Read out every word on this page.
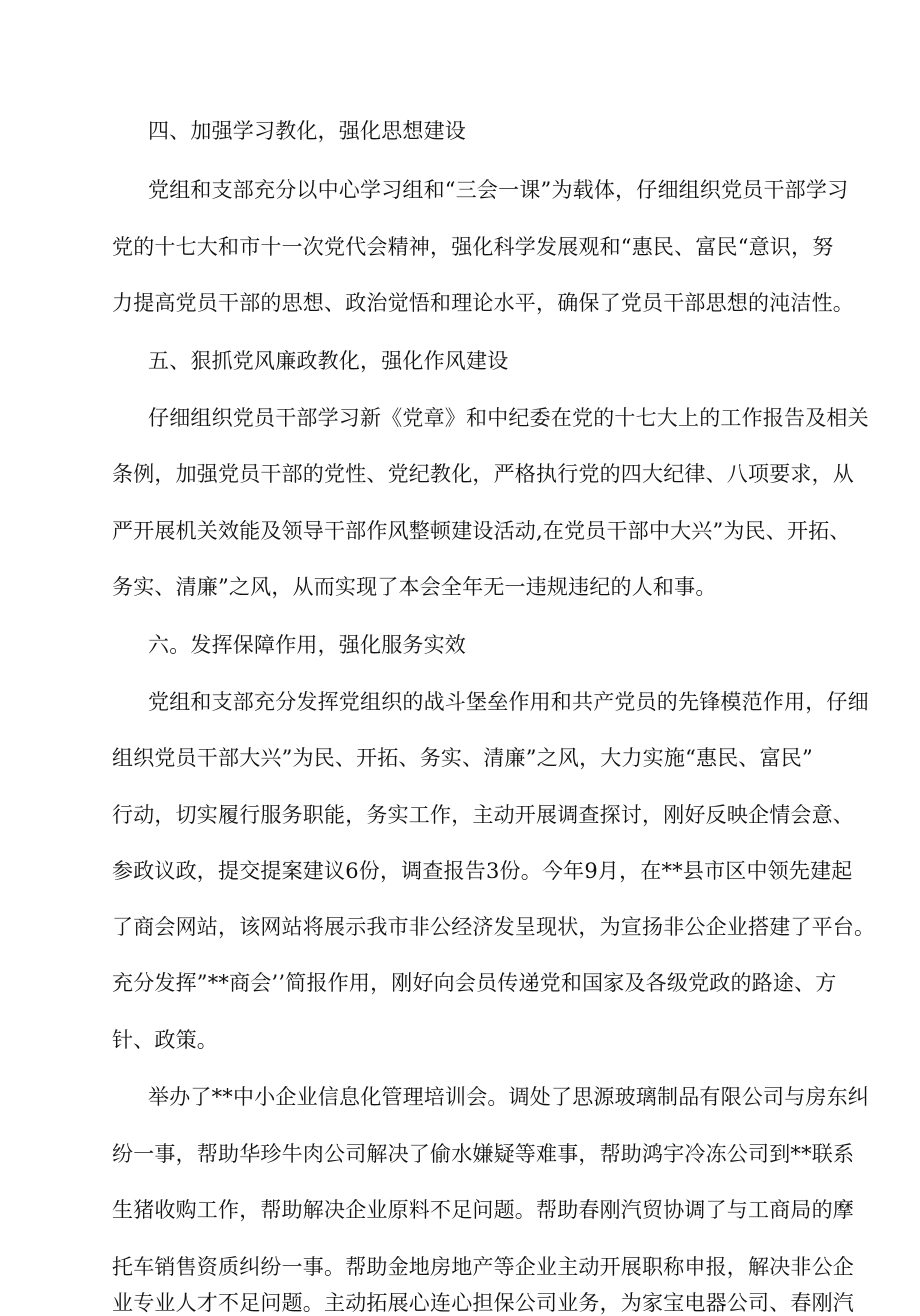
四、加强学习教化，强化思想建设
党组和支部充分以中心学习组和“三会一课”为载体，仔细组织党员干部学习
党的十七大和市十一次党代会精神，强化科学发展观和“惠民、富民“意识，努
力提高党员干部的思想、政治觉悟和理论水平，确保了党员干部思想的沌洁性。
五、狠抓党风廉政教化，强化作风建设
仔细组织党员干部学习新《党章》和中纪委在党的十七大上的工作报告及相关
条例，加强党员干部的党性、党纪教化，严格执行党的四大纪律、八项要求，从
严开展机关效能及领导干部作风整顿建设活动,在党员干部中大兴”为民、开拓、
务实、清廉”之风，从而实现了本会全年无一违规违纪的人和事。
六。发挥保障作用，强化服务实效
党组和支部充分发挥党组织的战斗堡垒作用和共产党员的先锋模范作用，仔细
组织党员干部大兴”为民、开拓、务实、清廉”之风，大力实施“惠民、富民”
行动，切实履行服务职能，务实工作，主动开展调查探讨，刚好反映企情会意、
参政议政，提交提案建议6份，调查报告3份。今年9月，在**县市区中领先建起
了商会网站，该网站将展示我市非公经济发呈现状，为宣扬非公企业搭建了平台。
充分发挥”**商会’’简报作用，刚好向会员传递党和国家及各级党政的路途、方
针、政策。
举办了**中小企业信息化管理培训会。调处了思源玻璃制品有限公司与房东纠
纷一事，帮助华珍牛肉公司解决了偷水嫌疑等难事，帮助鸿宇冷冻公司到**联系
生猪收购工作，帮助解决企业原料不足问题。帮助春刚汽贸协调了与工商局的摩
托车销售资质纠纷一事。帮助金地房地产等企业主动开展职称申报，解决非公企
业专业人才不足问题。主动拓展心连心担保公司业务，为家宝电器公司、春刚汽
